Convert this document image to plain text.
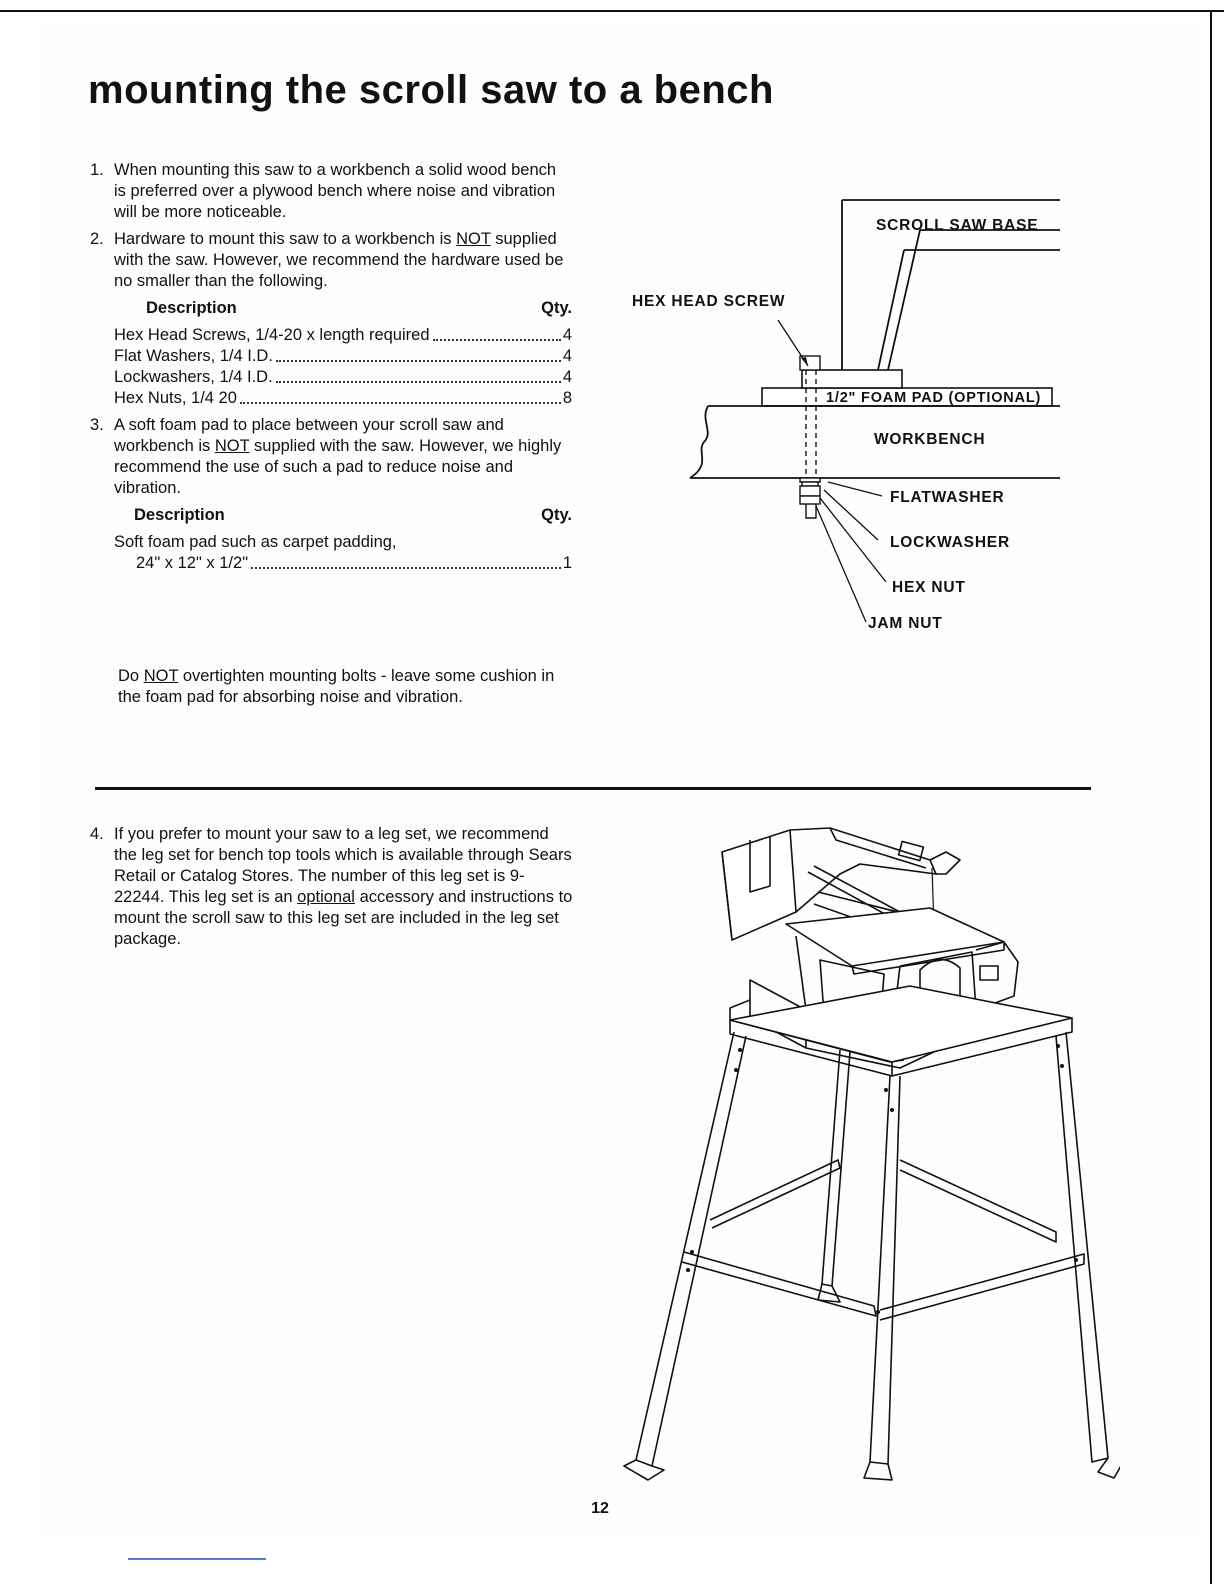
mounting the scroll saw to a bench
1. When mounting this saw to a workbench a solid wood bench is preferred over a plywood bench where noise and vibration will be more noticeable.
2. Hardware to mount this saw to a workbench is NOT supplied with the saw. However, we recommend the hardware used be no smaller than the following.
Description	Qty.
Hex Head Screws, 1/4-20 x length required	4
Flat Washers, 1/4 I.D.	4
Lockwashers, 1/4 I.D.	4
Hex Nuts, 1/4 20	8
3. A soft foam pad to place between your scroll saw and workbench is NOT supplied with the saw. However, we highly recommend the use of such a pad to reduce noise and vibration.
Description	Qty.
Soft foam pad such as carpet padding,
24" x 12" x 1/2"	1
Do NOT overtighten mounting bolts - leave some cushion in the foam pad for absorbing noise and vibration.
SCROLL SAW BASE
HEX HEAD SCREW
1/2" FOAM PAD (OPTIONAL)
WORKBENCH
FLATWASHER
LOCKWASHER
HEX NUT
JAM NUT
4. If you prefer to mount your saw to a leg set, we recommend the leg set for bench top tools which is available through Sears Retail or Catalog Stores. The number of this leg set is 9-22244. This leg set is an optional accessory and instructions to mount the scroll saw to this leg set are included in the leg set package.
12
